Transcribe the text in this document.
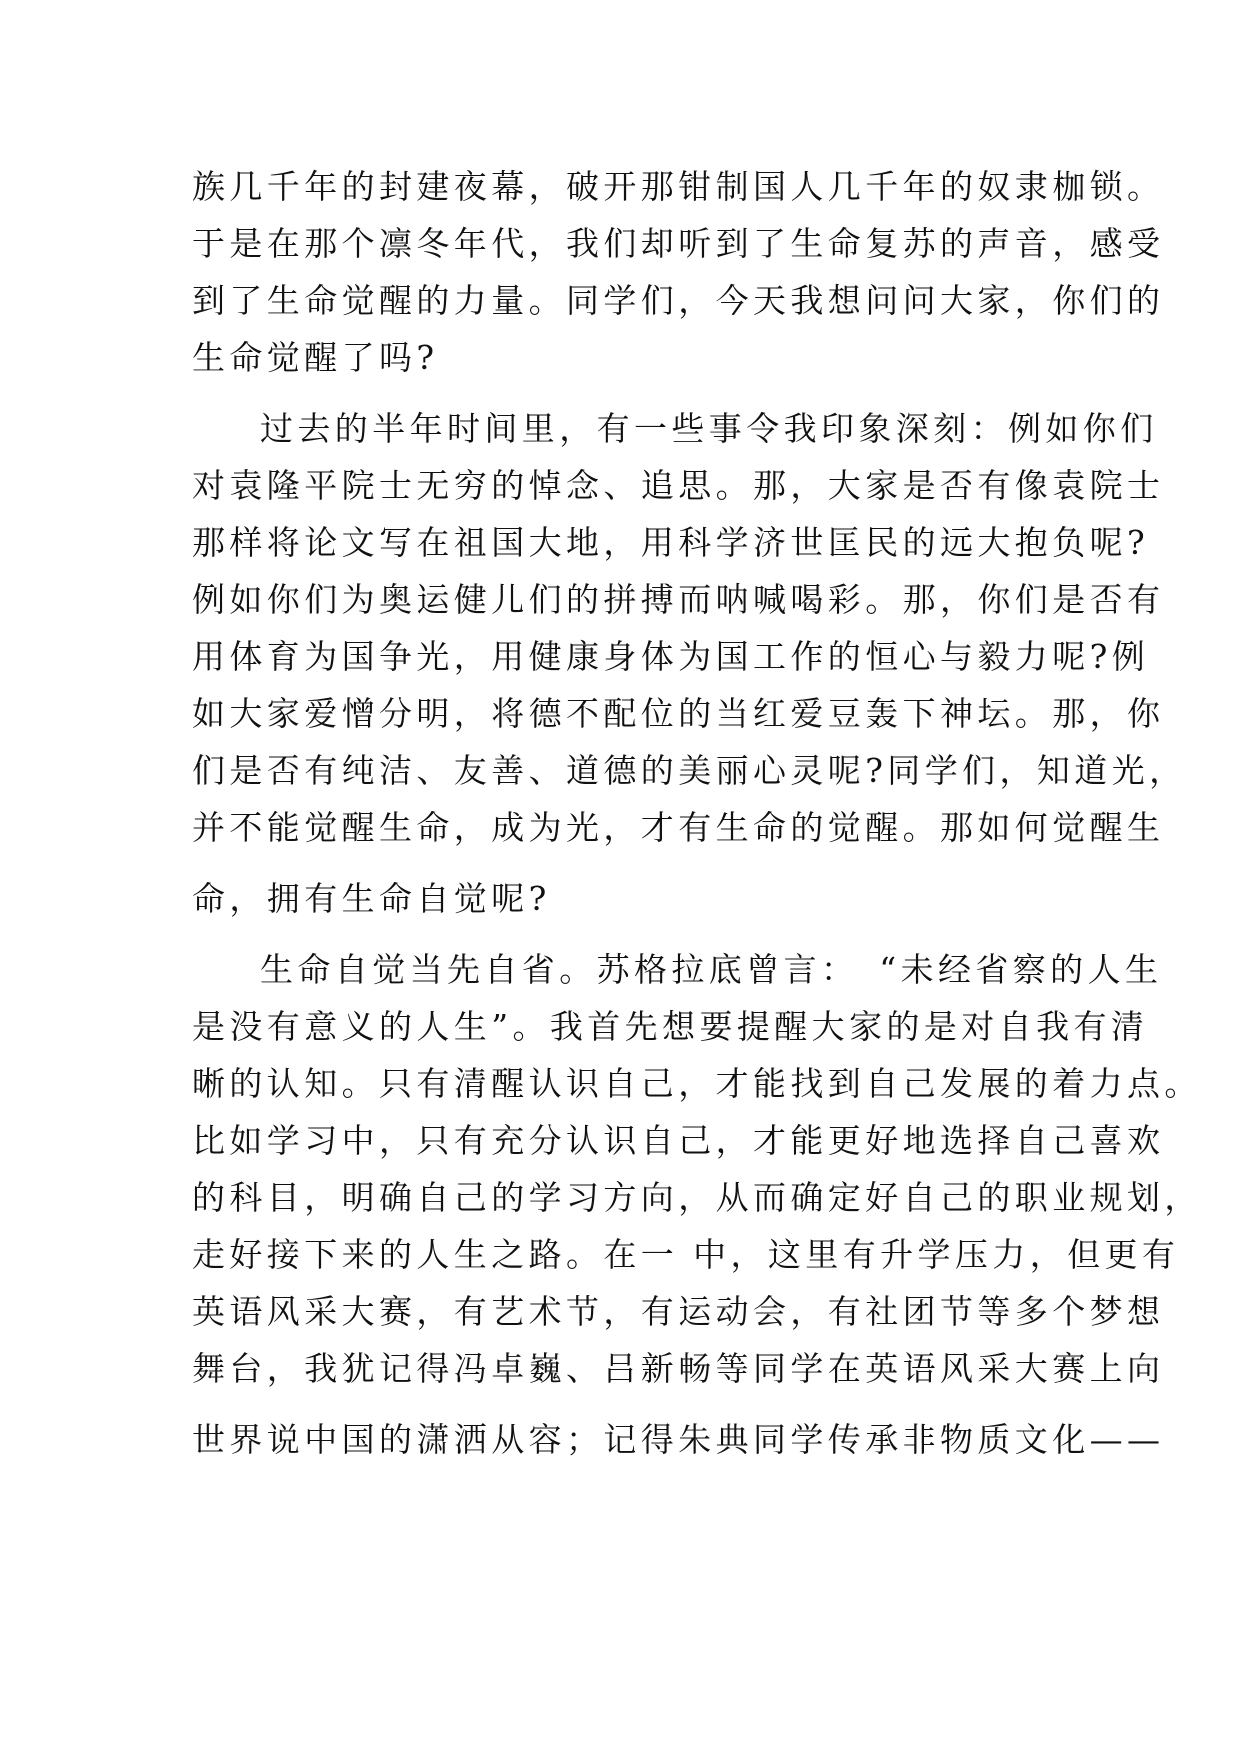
族几千年的封建夜幕，破开那钳制国人几千年的奴隶枷锁。
于是在那个凛冬年代，我们却听到了生命复苏的声音，感受
到了生命觉醒的力量。同学们，今天我想问问大家，你们的
生命觉醒了吗?
过去的半年时间里，有一些事令我印象深刻：例如你们
对袁隆平院士无穷的悼念、追思。那，大家是否有像袁院士
那样将论文写在祖国大地，用科学济世匡民的远大抱负呢?
例如你们为奥运健儿们的拼搏而呐喊喝彩。那，你们是否有
用体育为国争光，用健康身体为国工作的恒心与毅力呢?例
如大家爱憎分明，将德不配位的当红爱豆轰下神坛。那，你
们是否有纯洁、友善、道德的美丽心灵呢?同学们，知道光，
并不能觉醒生命，成为光，才有生命的觉醒。那如何觉醒生
命，拥有生命自觉呢?
生命自觉当先自省。苏格拉底曾言：　“未经省察的人生
是没有意义的人生”。我首先想要提醒大家的是对自我有清
晰的认知。只有清醒认识自己，才能找到自己发展的着力点。
比如学习中，只有充分认识自己，才能更好地选择自己喜欢
的科目，明确自己的学习方向，从而确定好自己的职业规划，
走好接下来的人生之路。在一 中，这里有升学压力，但更有
英语风采大赛，有艺术节，有运动会，有社团节等多个梦想
舞台，我犹记得冯卓巍、吕新畅等同学在英语风采大赛上向
世界说中国的潇洒从容；记得朱典同学传承非物质文化——
